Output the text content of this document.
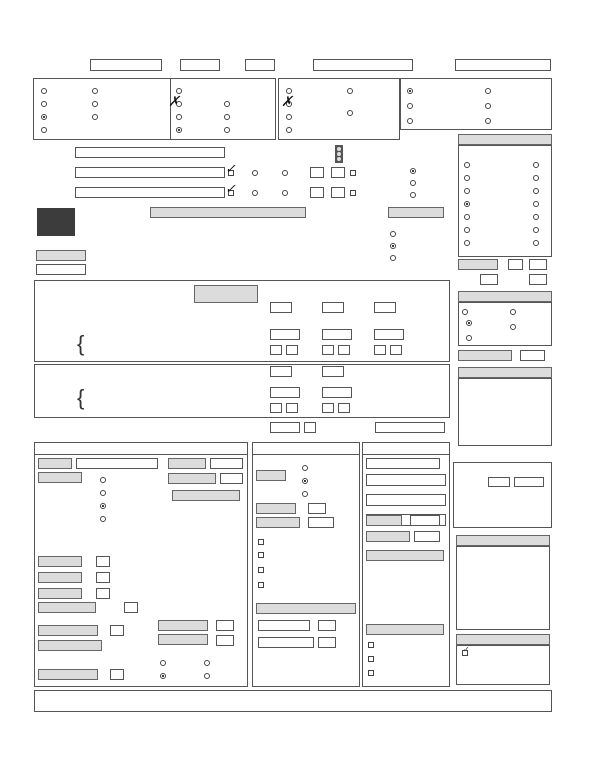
✗	✗
✓
✓
{
{
✓
